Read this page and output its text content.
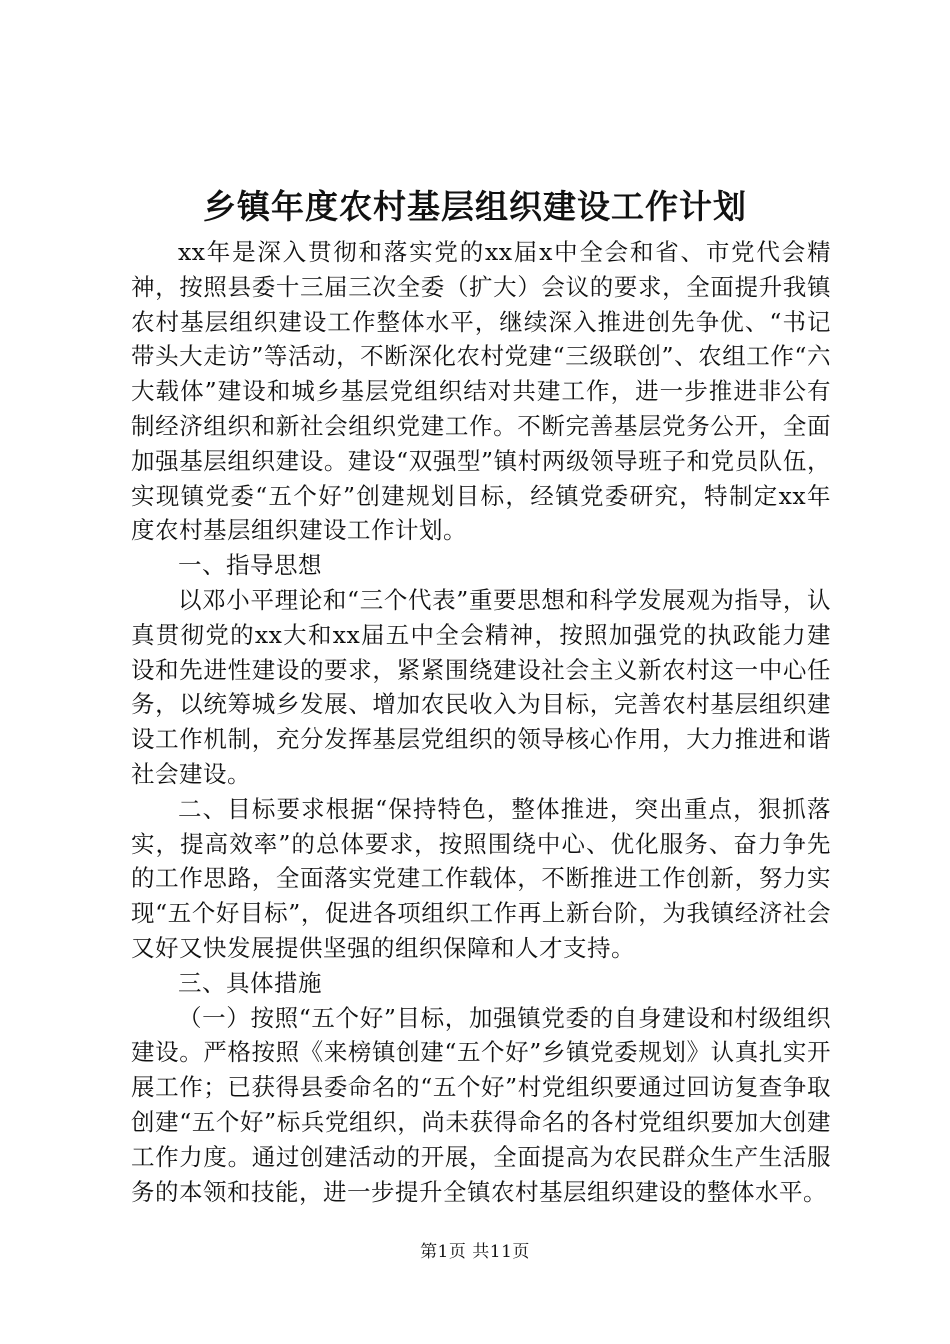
乡镇年度农村基层组织建设工作计划

xx年是深入贯彻和落实党的xx届x中全会和省、市党代会精神，按照县委十三届三次全委（扩大）会议的要求，全面提升我镇农村基层组织建设工作整体水平，继续深入推进创先争优、“书记带头大走访”等活动，不断深化农村党建“三级联创”、农组工作“六大载体”建设和城乡基层党组织结对共建工作，进一步推进非公有制经济组织和新社会组织党建工作。不断完善基层党务公开，全面加强基层组织建设。建设“双强型”镇村两级领导班子和党员队伍，实现镇党委“五个好”创建规划目标，经镇党委研究，特制定xx年度农村基层组织建设工作计划。

一、指导思想

以邓小平理论和“三个代表”重要思想和科学发展观为指导，认真贯彻党的xx大和xx届五中全会精神，按照加强党的执政能力建设和先进性建设的要求，紧紧围绕建设社会主义新农村这一中心任务，以统筹城乡发展、增加农民收入为目标，完善农村基层组织建设工作机制，充分发挥基层党组织的领导核心作用，大力推进和谐社会建设。

二、目标要求根据“保持特色，整体推进，突出重点，狠抓落实，提高效率”的总体要求，按照围绕中心、优化服务、奋力争先的工作思路，全面落实党建工作载体，不断推进工作创新，努力实现“五个好目标”，促进各项组织工作再上新台阶，为我镇经济社会又好又快发展提供坚强的组织保障和人才支持。

三、具体措施

（一）按照“五个好”目标，加强镇党委的自身建设和村级组织建设。严格按照《来榜镇创建“五个好”乡镇党委规划》认真扎实开展工作；已获得县委命名的“五个好”村党组织要通过回访复查争取创建“五个好”标兵党组织，尚未获得命名的各村党组织要加大创建工作力度。通过创建活动的开展，全面提高为农民群众生产生活服务的本领和技能，进一步提升全镇农村基层组织建设的整体水平。

第1页 共11页
